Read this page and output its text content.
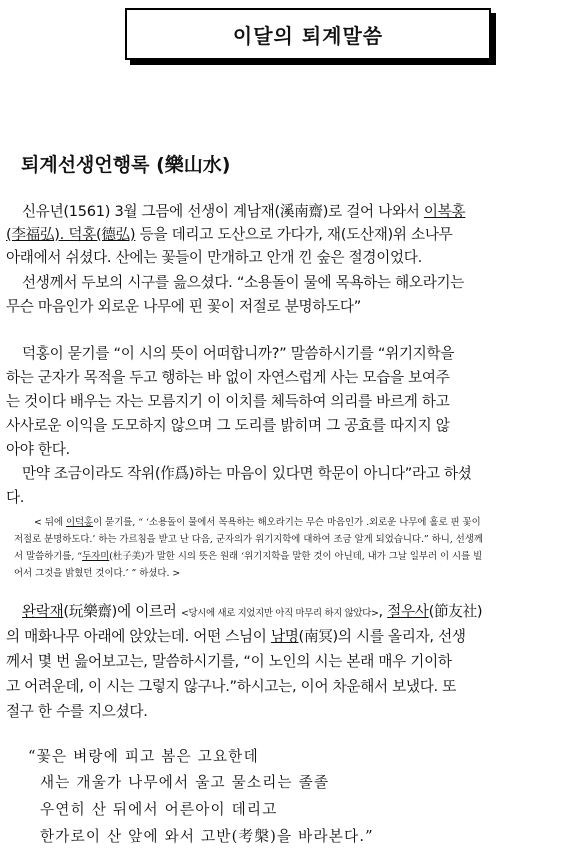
이달의 퇴계말씀
퇴계선생언행록 (樂山水)
신유년(1561) 3월 그믐에 선생이 계남재(溪南齋)로 걸어 나와서 이복홍
(李福弘). 덕홍(德弘) 등을 데리고 도산으로 가다가, 재(도산재)위 소나무
아래에서 쉬셨다. 산에는 꽃들이 만개하고 안개 낀 숲은 절경이었다.
선생께서 두보의 시구를 읊으셨다. “소용돌이 물에 목욕하는 해오라기는
무슨 마음인가 외로운 나무에 핀 꽃이 저절로 분명하도다”
덕홍이 묻기를 “이 시의 뜻이 어떠합니까?” 말씀하시기를 “위기지학을
하는 군자가 목적을 두고 행하는 바 없이 자연스럽게 사는 모습을 보여주
는 것이다 배우는 자는 모름지기 이 이치를 체득하여 의리를 바르게 하고
사사로운 이익을 도모하지 않으며 그 도리를 밝히며 그 공효를 따지지 않
아야 한다.
만약 조금이라도 작위(作爲)하는 마음이 있다면 학문이 아니다”라고 하셨
다.
< 뒤에 이덕홍이 묻기를, “ ‘소용돌이 물에서 목욕하는 해오라기는 무슨 마음인가 .외로운 나무에 홀로 핀 꽃이
저절로 분명하도다.’ 하는 가르침을 받고 난 다음, 군자의가 위기지학에 대하여 조금 알게 되었습니다.” 하니, 선생께
서 말씀하기를, “두자미(杜子美)가 말한 시의 뜻은 원래 ‘위기지학을 말한 것이 아닌데, 내가 그날 일부러 이 시를 빌
어서 그것을 밝혔던 것이다.’ ” 하셨다. >
완락재(玩樂齋)에 이르러 <당시에 새로 지었지만 아직 마무리 하지 않았다>, 절우사(節友社)
의 매화나무 아래에 앉았는데. 어떤 스님이 남명(南冥)의 시를 올리자, 선생
께서 몇 번 읊어보고는, 말씀하시기를, “이 노인의 시는 본래 매우 기이하
고 어려운데, 이 시는 그렇지 않구나.”하시고는, 이어 차운해서 보냈다. 또
절구 한 수를 지으셨다.
“꽃은 벼랑에 피고 봄은 고요한데
새는 개울가 나무에서 울고 물소리는 졸졸
우연히 산 뒤에서 어른아이 데리고
한가로이 산 앞에 와서 고반(考槃)을 바라본다.”
